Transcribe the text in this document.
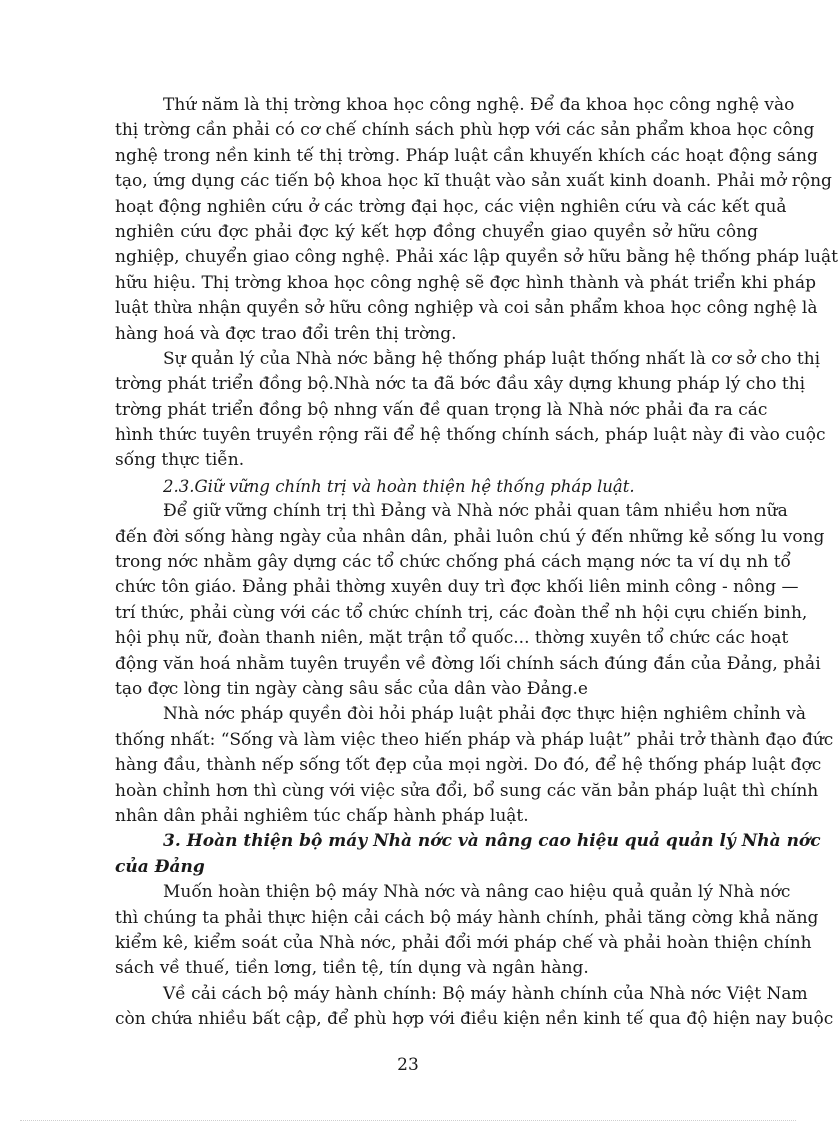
Thứ năm là thị trờng khoa học công nghệ. Để đa khoa học công nghệ vào
thị trờng cần phải có cơ chế chính sách phù hợp với các sản phẩm khoa học công
nghệ trong nền kinh tế thị trờng. Pháp luật cần khuyến khích các hoạt động sáng
tạo, ứng dụng các tiến bộ khoa học kĩ thuật vào sản xuất kinh doanh. Phải mở rộng
hoạt động nghiên cứu ở các trờng đại học, các viện nghiên cứu và các kết quả
nghiên cứu đợc phải đợc ký kết hợp đồng chuyển giao quyền sở hữu công
nghiệp, chuyển giao công nghệ. Phải xác lập quyền sở hữu bằng hệ thống pháp luật
hữu hiệu. Thị trờng khoa học công nghệ sẽ đợc hình thành và phát triển khi pháp
luật thừa nhận quyền sở hữu công nghiệp và coi sản phẩm khoa học công nghệ là
hàng hoá và đợc trao đổi trên thị trờng.
Sự quản lý của Nhà nớc bằng hệ thống pháp luật thống nhất là cơ sở cho thị
trờng phát triển đồng bộ.Nhà nớc ta đã bớc đầu xây dựng khung pháp lý cho thị
trờng phát triển đồng bộ nhng vấn đề quan trọng là Nhà nớc phải đa ra các
hình thức tuyên truyền rộng rãi để hệ thống chính sách, pháp luật này đi vào cuộc
sống thực tiễn.
2.3.Giữ vững chính trị và hoàn thiện hệ thống pháp luật.
Để giữ vững chính trị thì Đảng và Nhà nớc phải quan tâm nhiều hơn nữa
đến đời sống hàng ngày của nhân dân, phải luôn chú ý đến những kẻ sống lu vong
trong nớc nhằm gây dựng các tổ chức chống phá cách mạng nớc ta ví dụ nh tổ
chức tôn giáo. Đảng phải thờng xuyên duy trì đợc khối liên minh công - nông —
trí thức, phải cùng với các tổ chức chính trị, các đoàn thể nh hội cựu chiến binh,
hội phụ nữ, đoàn thanh niên, mặt trận tổ quốc... thờng xuyên tổ chức các hoạt
động văn hoá nhằm tuyên truyền về đờng lối chính sách đúng đắn của Đảng, phải
tạo đợc lòng tin ngày càng sâu sắc của dân vào Đảng.e
Nhà nớc pháp quyền đòi hỏi pháp luật phải đợc thực hiện nghiêm chỉnh và
thống nhất: “Sống và làm việc theo hiến pháp và pháp luật” phải trở thành đạo đức
hàng đầu, thành nếp sống tốt đẹp của mọi ngời. Do đó, để hệ thống pháp luật đợc
hoàn chỉnh hơn thì cùng với việc sửa đổi, bổ sung các văn bản pháp luật thì chính
nhân dân phải nghiêm túc chấp hành pháp luật.
3. Hoàn thiện bộ máy Nhà nớc và nâng cao hiệu quả quản lý Nhà nớc
của Đảng
Muốn hoàn thiện bộ máy Nhà nớc và nâng cao hiệu quả quản lý Nhà nớc
thì chúng ta phải thực hiện cải cách bộ máy hành chính, phải tăng cờng khả năng
kiểm kê, kiểm soát của Nhà nớc, phải đổi mới pháp chế và phải hoàn thiện chính
sách về thuế, tiền lơng, tiền tệ, tín dụng và ngân hàng.
Về cải cách bộ máy hành chính: Bộ máy hành chính của Nhà nớc Việt Nam
còn chứa nhiều bất cập, để phù hợp với điều kiện nền kinh tế qua độ hiện nay buộc
23
